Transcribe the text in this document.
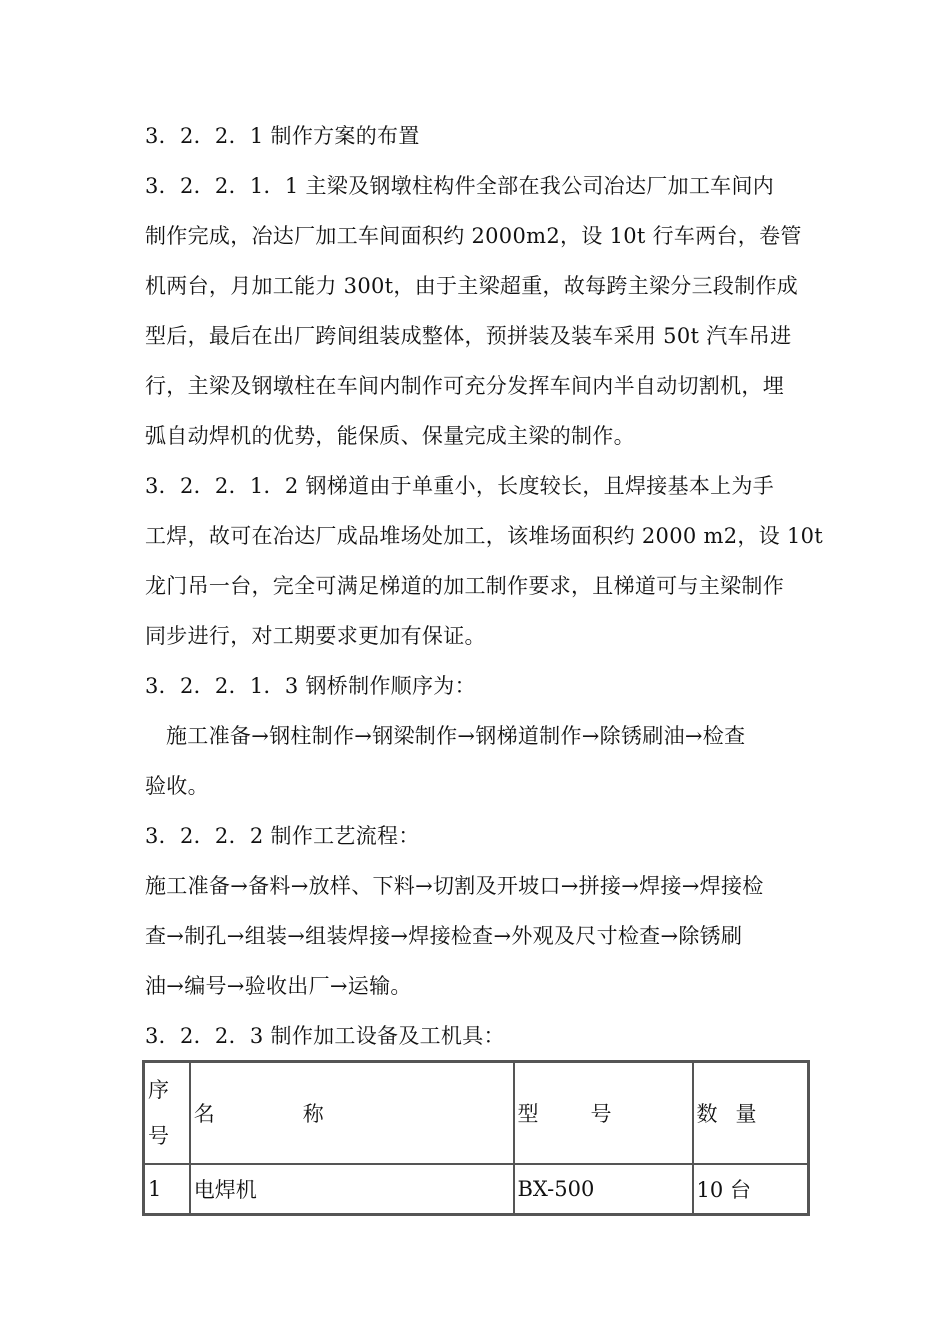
3．2．2．1 制作方案的布置
3．2．2．1．1 主梁及钢墩柱构件全部在我公司冶达厂加工车间内
制作完成，冶达厂加工车间面积约 2000m2，设 10t 行车两台，卷管
机两台，月加工能力 300t，由于主梁超重，故每跨主梁分三段制作成
型后，最后在出厂跨间组装成整体，预拼装及装车采用 50t 汽车吊进
行，主梁及钢墩柱在车间内制作可充分发挥车间内半自动切割机，埋
弧自动焊机的优势，能保质、保量完成主梁的制作。
3．2．2．1．2 钢梯道由于单重小，长度较长，且焊接基本上为手
工焊，故可在冶达厂成品堆场处加工，该堆场面积约 2000 m2，设 10t
龙门吊一台，完全可满足梯道的加工制作要求，且梯道可与主梁制作
同步进行，对工期要求更加有保证。
3．2．2．1．3 钢桥制作顺序为：
施工准备→钢柱制作→钢梁制作→钢梯道制作→除锈刷油→检查
验收。
3．2．2．2 制作工艺流程：
施工准备→备料→放样、下料→切割及开坡口→拼接→焊接→焊接检
查→制孔→组装→组装焊接→焊接检查→外观及尺寸检查→除锈刷
油→编号→验收出厂→运输。
3．2．2．3 制作加工设备及工机具：
序
号	名 称	型 号	数 量

1	电焊机	BX-500	10 台
